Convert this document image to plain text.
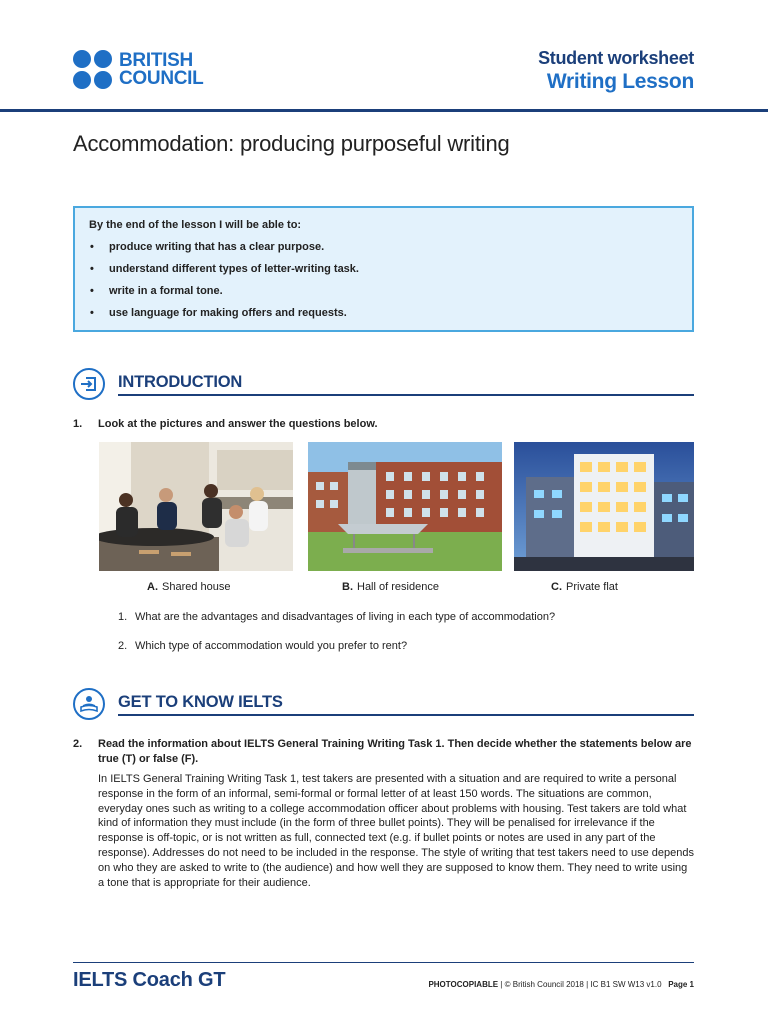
BRITISH
COUNCIL
Student worksheet
Writing Lesson
Accommodation: producing purposeful writing
By the end of the lesson I will be able to:
• produce writing that has a clear purpose.
• understand different types of letter-writing task.
• write in a formal tone.
• use language for making offers and requests.
INTRODUCTION
1. Look at the pictures and answer the questions below.
A. Shared house	B. Hall of residence	C. Private flat
1. What are the advantages and disadvantages of living in each type of accommodation?
2. Which type of accommodation would you prefer to rent?
GET TO KNOW IELTS
2. Read the information about IELTS General Training Writing Task 1. Then decide whether the statements below are true (T) or false (F).
In IELTS General Training Writing Task 1, test takers are presented with a situation and are required to write a personal response in the form of an informal, semi-formal or formal letter of at least 150 words. The situations are common, everyday ones such as writing to a college accommodation officer about problems with housing. Test takers are told what kind of information they must include (in the form of three bullet points). They will be penalised for irrelevance if the response is off-topic, or is not written as full, connected text (e.g. if bullet points or notes are used in any part of the response). Addresses do not need to be included in the response. The style of writing that test takers need to use depends on who they are asked to write to (the audience) and how well they are supposed to know them. They need to write using a tone that is appropriate for their audience.
IELTS Coach GT	PHOTOCOPIABLE | © British Council 2018 | IC B1 SW W13 v1.0 Page 1
